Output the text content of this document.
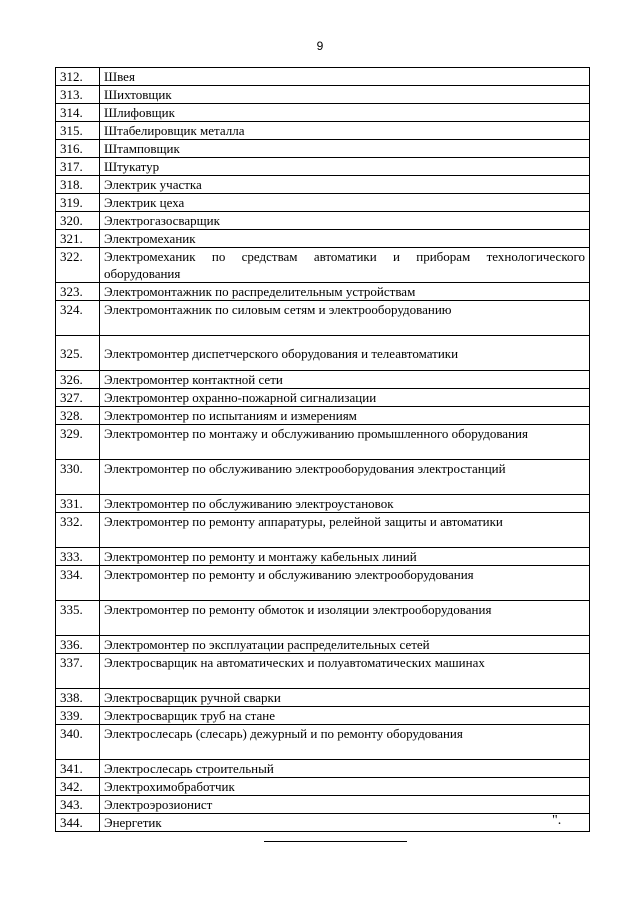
9
312.	Швея
313.	Шихтовщик
314.	Шлифовщик
315.	Штабелировщик металла
316.	Штамповщик
317.	Штукатур
318.	Электрик участка
319.	Электрик цеха
320.	Электрогазосварщик
321.	Электромеханик
322.	Электромеханик по средствам автоматики и приборам технологического оборудования
323.	Электромонтажник по распределительным устройствам
324.	Электромонтажник по силовым сетям и электрооборудованию
325.	Электромонтер диспетчерского оборудования и телеавтоматики
326.	Электромонтер контактной сети
327.	Электромонтер охранно-пожарной сигнализации
328.	Электромонтер по испытаниям и измерениям
329.	Электромонтер по монтажу и обслуживанию промышленного оборудования
330.	Электромонтер по обслуживанию электрооборудования электростанций
331.	Электромонтер по обслуживанию электроустановок
332.	Электромонтер по ремонту аппаратуры, релейной защиты и автоматики
333.	Электромонтер по ремонту и монтажу кабельных линий
334.	Электромонтер по ремонту и обслуживанию электрооборудования
335.	Электромонтер по ремонту обмоток и изоляции электрооборудования
336.	Электромонтер по эксплуатации распределительных сетей
337.	Электросварщик на автоматических и полуавтоматических машинах
338.	Электросварщик ручной сварки
339.	Электросварщик труб на стане
340.	Электрослесарь (слесарь) дежурный и по ремонту оборудования
341.	Электрослесарь строительный
342.	Электрохимобработчик
343.	Электроэрозионист
344.	Энергетик	".
